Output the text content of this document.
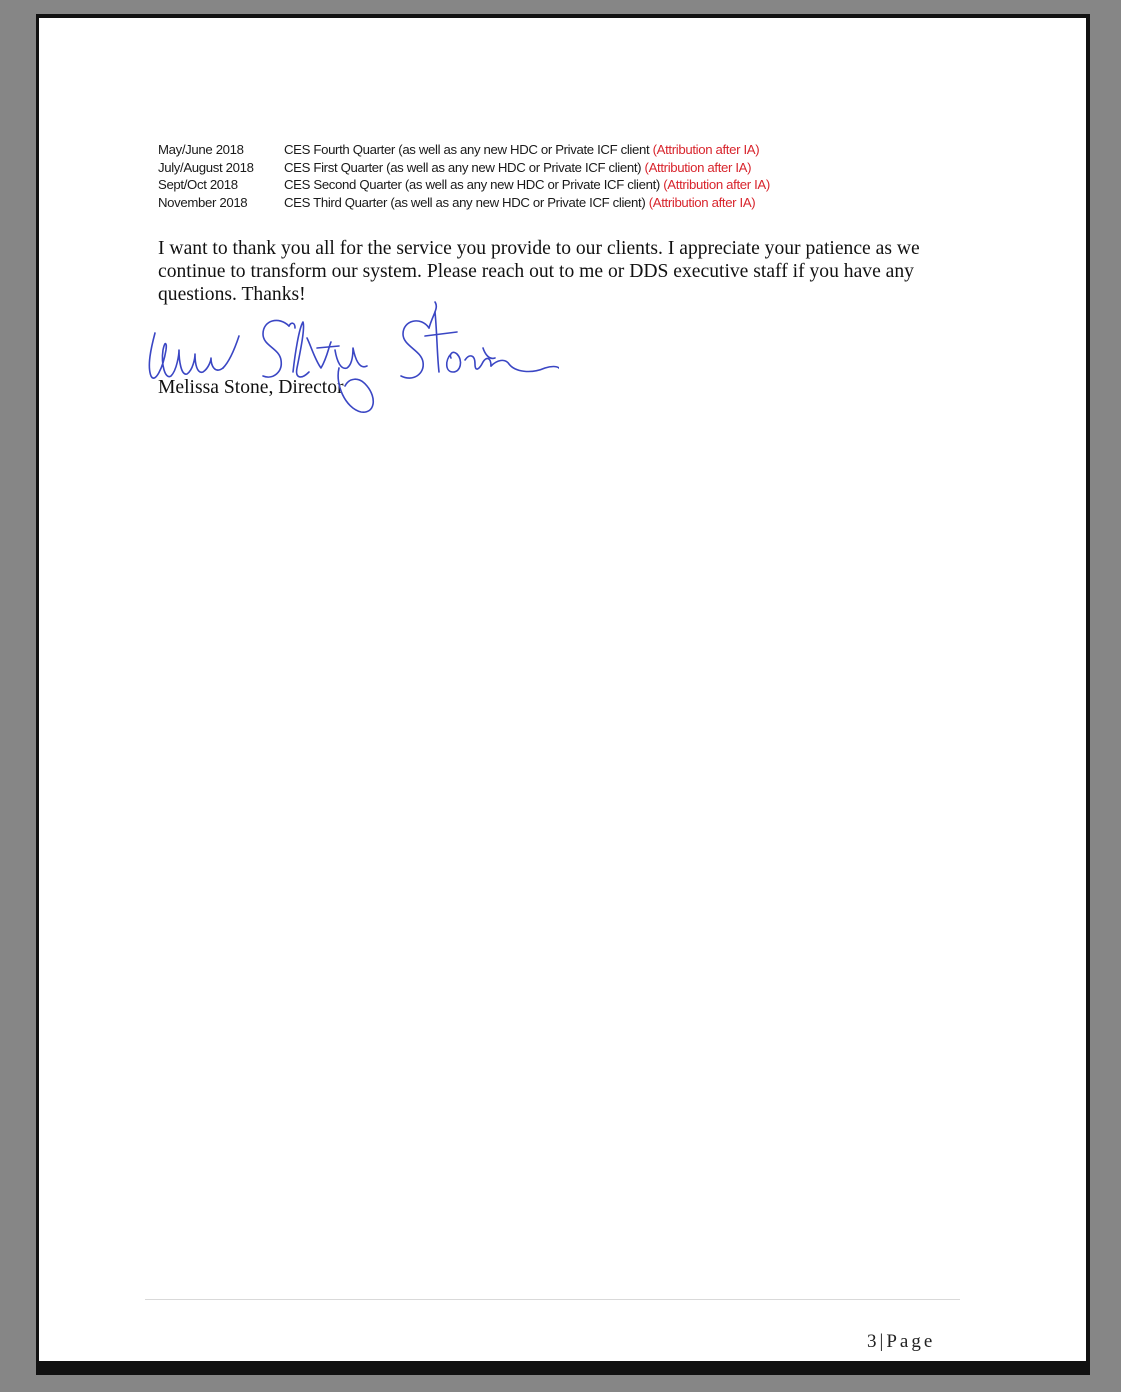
May/June 2018	CES Fourth Quarter (as well as any new HDC or Private ICF client (Attribution after IA)
July/August 2018	CES First Quarter (as well as any new HDC or Private ICF client) (Attribution after IA)
Sept/Oct 2018	CES Second Quarter (as well as any new HDC or Private ICF client) (Attribution after IA)
November 2018	CES Third Quarter (as well as any new HDC or Private ICF client) (Attribution after IA)
I want to thank you all for the service you provide to our clients. I appreciate your patience as we continue to transform our system. Please reach out to me or DDS executive staff if you have any questions. Thanks!
Melissa Stone, Director
3 | Page
